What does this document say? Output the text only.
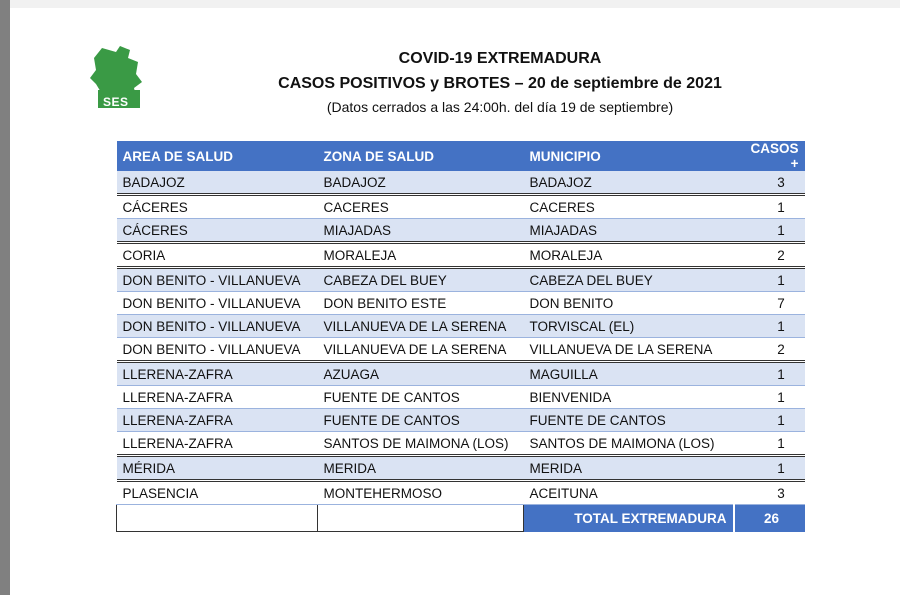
SES
COVID-19 EXTREMADURA
CASOS POSITIVOS y BROTES – 20 de septiembre de 2021
(Datos cerrados a las 24:00h. del día 19 de septiembre)
AREA DE SALUD	ZONA DE SALUD	MUNICIPIO	CASOS +
BADAJOZ	BADAJOZ	BADAJOZ	3
CÁCERES	CACERES	CACERES	1
CÁCERES	MIAJADAS	MIAJADAS	1
CORIA	MORALEJA	MORALEJA	2
DON BENITO - VILLANUEVA	CABEZA DEL BUEY	CABEZA DEL BUEY	1
DON BENITO - VILLANUEVA	DON BENITO ESTE	DON BENITO	7
DON BENITO - VILLANUEVA	VILLANUEVA DE LA SERENA	TORVISCAL (EL)	1
DON BENITO - VILLANUEVA	VILLANUEVA DE LA SERENA	VILLANUEVA DE LA SERENA	2
LLERENA-ZAFRA	AZUAGA	MAGUILLA	1
LLERENA-ZAFRA	FUENTE DE CANTOS	BIENVENIDA	1
LLERENA-ZAFRA	FUENTE DE CANTOS	FUENTE DE CANTOS	1
LLERENA-ZAFRA	SANTOS DE MAIMONA (LOS)	SANTOS DE MAIMONA (LOS)	1
MÉRIDA	MERIDA	MERIDA	1
PLASENCIA	MONTEHERMOSO	ACEITUNA	3
		TOTAL EXTREMADURA	26
